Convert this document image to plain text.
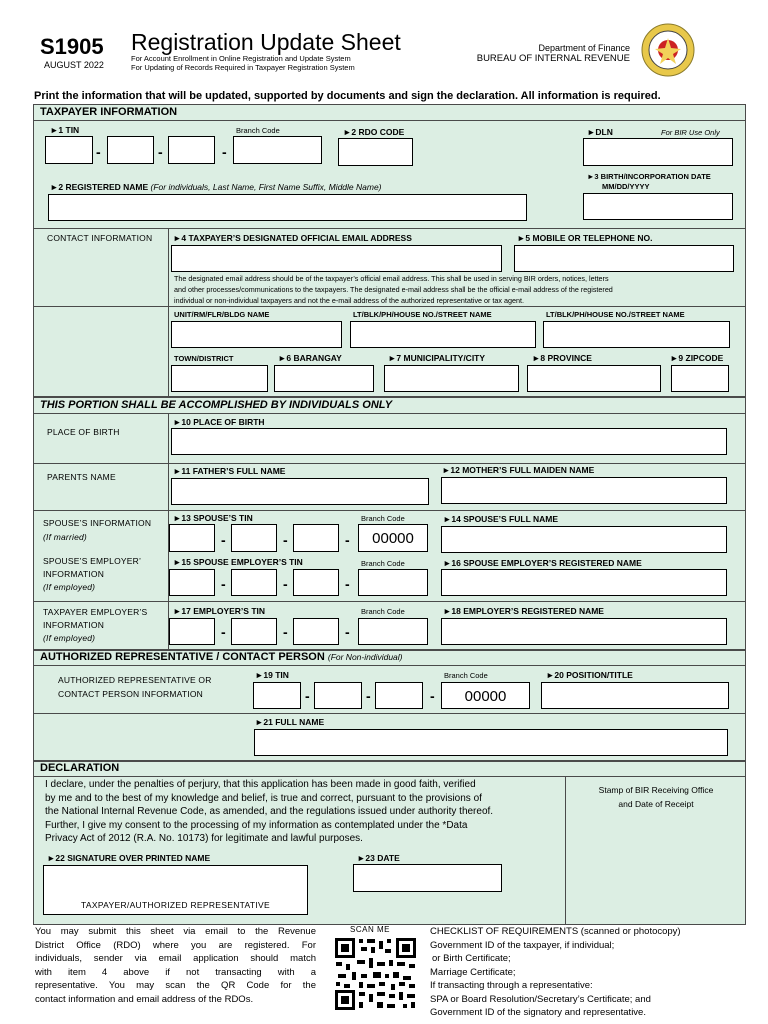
S1905
AUGUST 2022
Registration Update Sheet
For Account Enrollment in Online Registration and Update System
For Updating of Records Required in Taxpayer Registration System
Department of Finance
BUREAU OF INTERNAL REVENUE
Print the information that will be updated, supported by documents and sign the declaration. All information is required.
TAXPAYER INFORMATION
►1 TIN
-	-	-
Branch Code	►2 RDO CODE	►DLN	For BIR Use Only
►2 REGISTERED NAME (For individuals, Last Name, First Name Suffix, Middle Name)
►3 BIRTH/INCORPORATION DATE
MM/DD/YYYY
CONTACT INFORMATION ►4 TAXPAYER’S DESIGNATED OFFICIAL EMAIL ADDRESS	►5 MOBILE OR TELEPHONE NO.
The designated email address should be of the taxpayer’s official email address. This shall be used in serving BIR orders, notices, letters
and other processes/communications to the taxpayers. The designated e-mail address shall be the official e-mail address of the registered
individual or non-individual taxpayers and not the e-mail address of the authorized representative or tax agent.
UNIT/RM/FLR/BLDG NAME	LT/BLK/PH/HOUSE NO./STREET NAME	LT/BLK/PH/HOUSE NO./STREET NAME
TOWN/DISTRICT	►6 BARANGAY	►7 MUNICIPALITY/CITY	►8 PROVINCE	►9 ZIPCODE
THIS PORTION SHALL BE ACCOMPLISHED BY INDIVIDUALS ONLY
PLACE OF BIRTH
►10 PLACE OF BIRTH
PARENTS NAME
►11 FATHER’S FULL NAME	►12 MOTHER’S FULL MAIDEN NAME
SPOUSE’S INFORMATION
(If married)
►13 SPOUSE’S TIN
-	-	-
Branch Code
00000
►14 SPOUSE’S FULL NAME
SPOUSE’S EMPLOYER’
INFORMATION
(If employed)
►15 SPOUSE EMPLOYER’S TIN
-	-	-
Branch Code	►16 SPOUSE EMPLOYER’S REGISTERED NAME
TAXPAYER EMPLOYER’S
INFORMATION
(If employed)
►17 EMPLOYER’S TIN
-	-	-
Branch Code	►18 EMPLOYER’S REGISTERED NAME
AUTHORIZED REPRESENTATIVE / CONTACT PERSON (For Non-individual)
AUTHORIZED REPRESENTATIVE OR
CONTACT PERSON INFORMATION
►19 TIN
-	-	-
Branch Code
00000
►20 POSITION/TITLE
►21 FULL NAME
DECLARATION
I declare, under the penalties of perjury, that this application has been made in good faith, verified
by me and to the best of my knowledge and belief, is true and correct, pursuant to the provisions of
the National Internal Revenue Code, as amended, and the regulations issued under authority thereof.
Further, I give my consent to the processing of my information as contemplated under the *Data
Privacy Act of 2012 (R.A. No. 10173) for legitimate and lawful purposes.
Stamp of BIR Receiving Office
and Date of Receipt
►22 SIGNATURE OVER PRINTED NAME
TAXPAYER/AUTHORIZED REPRESENTATIVE
►23 DATE
You may submit this sheet via email to the Revenue
District Office (RDO) where you are registered. For
individuals, sender via email application should match
with item 4 above if not transacting with a
representative. You may scan the QR Code for the
contact information and email address of the RDOs.
SCAN ME	CHECKLIST OF REQUIREMENTS (scanned or photocopy)
Government ID of the taxpayer, if individual;
or Birth Certificate;
Marriage Certificate;
If transacting through a representative:
SPA or Board Resolution/Secretary’s Certificate; and
Government ID of the signatory and representative.
